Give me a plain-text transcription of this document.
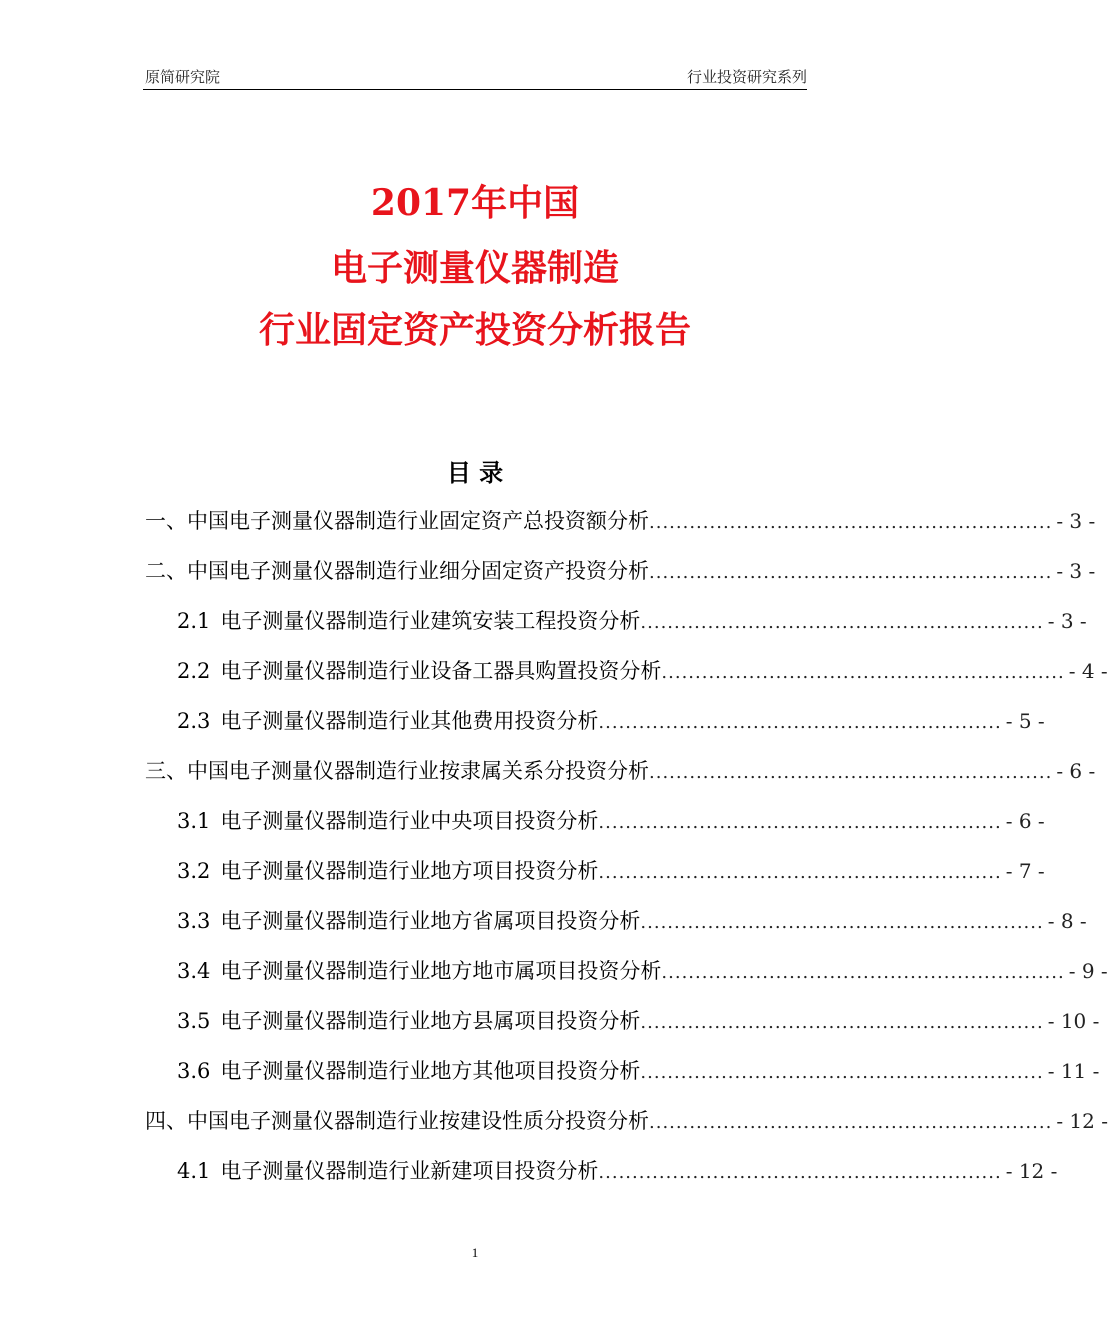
原简研究院	行业投资研究系列
2017年中国
电子测量仪器制造
行业固定资产投资分析报告
目 录
一、中国电子测量仪器制造行业固定资产总投资额分析 ............................................................ - 3 -
二、中国电子测量仪器制造行业细分固定资产投资分析 ............................................................ - 3 -
2.1 电子测量仪器制造行业建筑安装工程投资分析 ............................................................ - 3 -
2.2 电子测量仪器制造行业设备工器具购置投资分析 ............................................................ - 4 -
2.3 电子测量仪器制造行业其他费用投资分析 ............................................................ - 5 -
三、中国电子测量仪器制造行业按隶属关系分投资分析 ............................................................ - 6 -
3.1 电子测量仪器制造行业中央项目投资分析 ............................................................ - 6 -
3.2 电子测量仪器制造行业地方项目投资分析 ............................................................ - 7 -
3.3 电子测量仪器制造行业地方省属项目投资分析 ............................................................ - 8 -
3.4 电子测量仪器制造行业地方地市属项目投资分析 ............................................................ - 9 -
3.5 电子测量仪器制造行业地方县属项目投资分析 ............................................................ - 10 -
3.6 电子测量仪器制造行业地方其他项目投资分析 ............................................................ - 11 -
四、中国电子测量仪器制造行业按建设性质分投资分析 ............................................................ - 12 -
4.1 电子测量仪器制造行业新建项目投资分析 ............................................................ - 12 -
1
